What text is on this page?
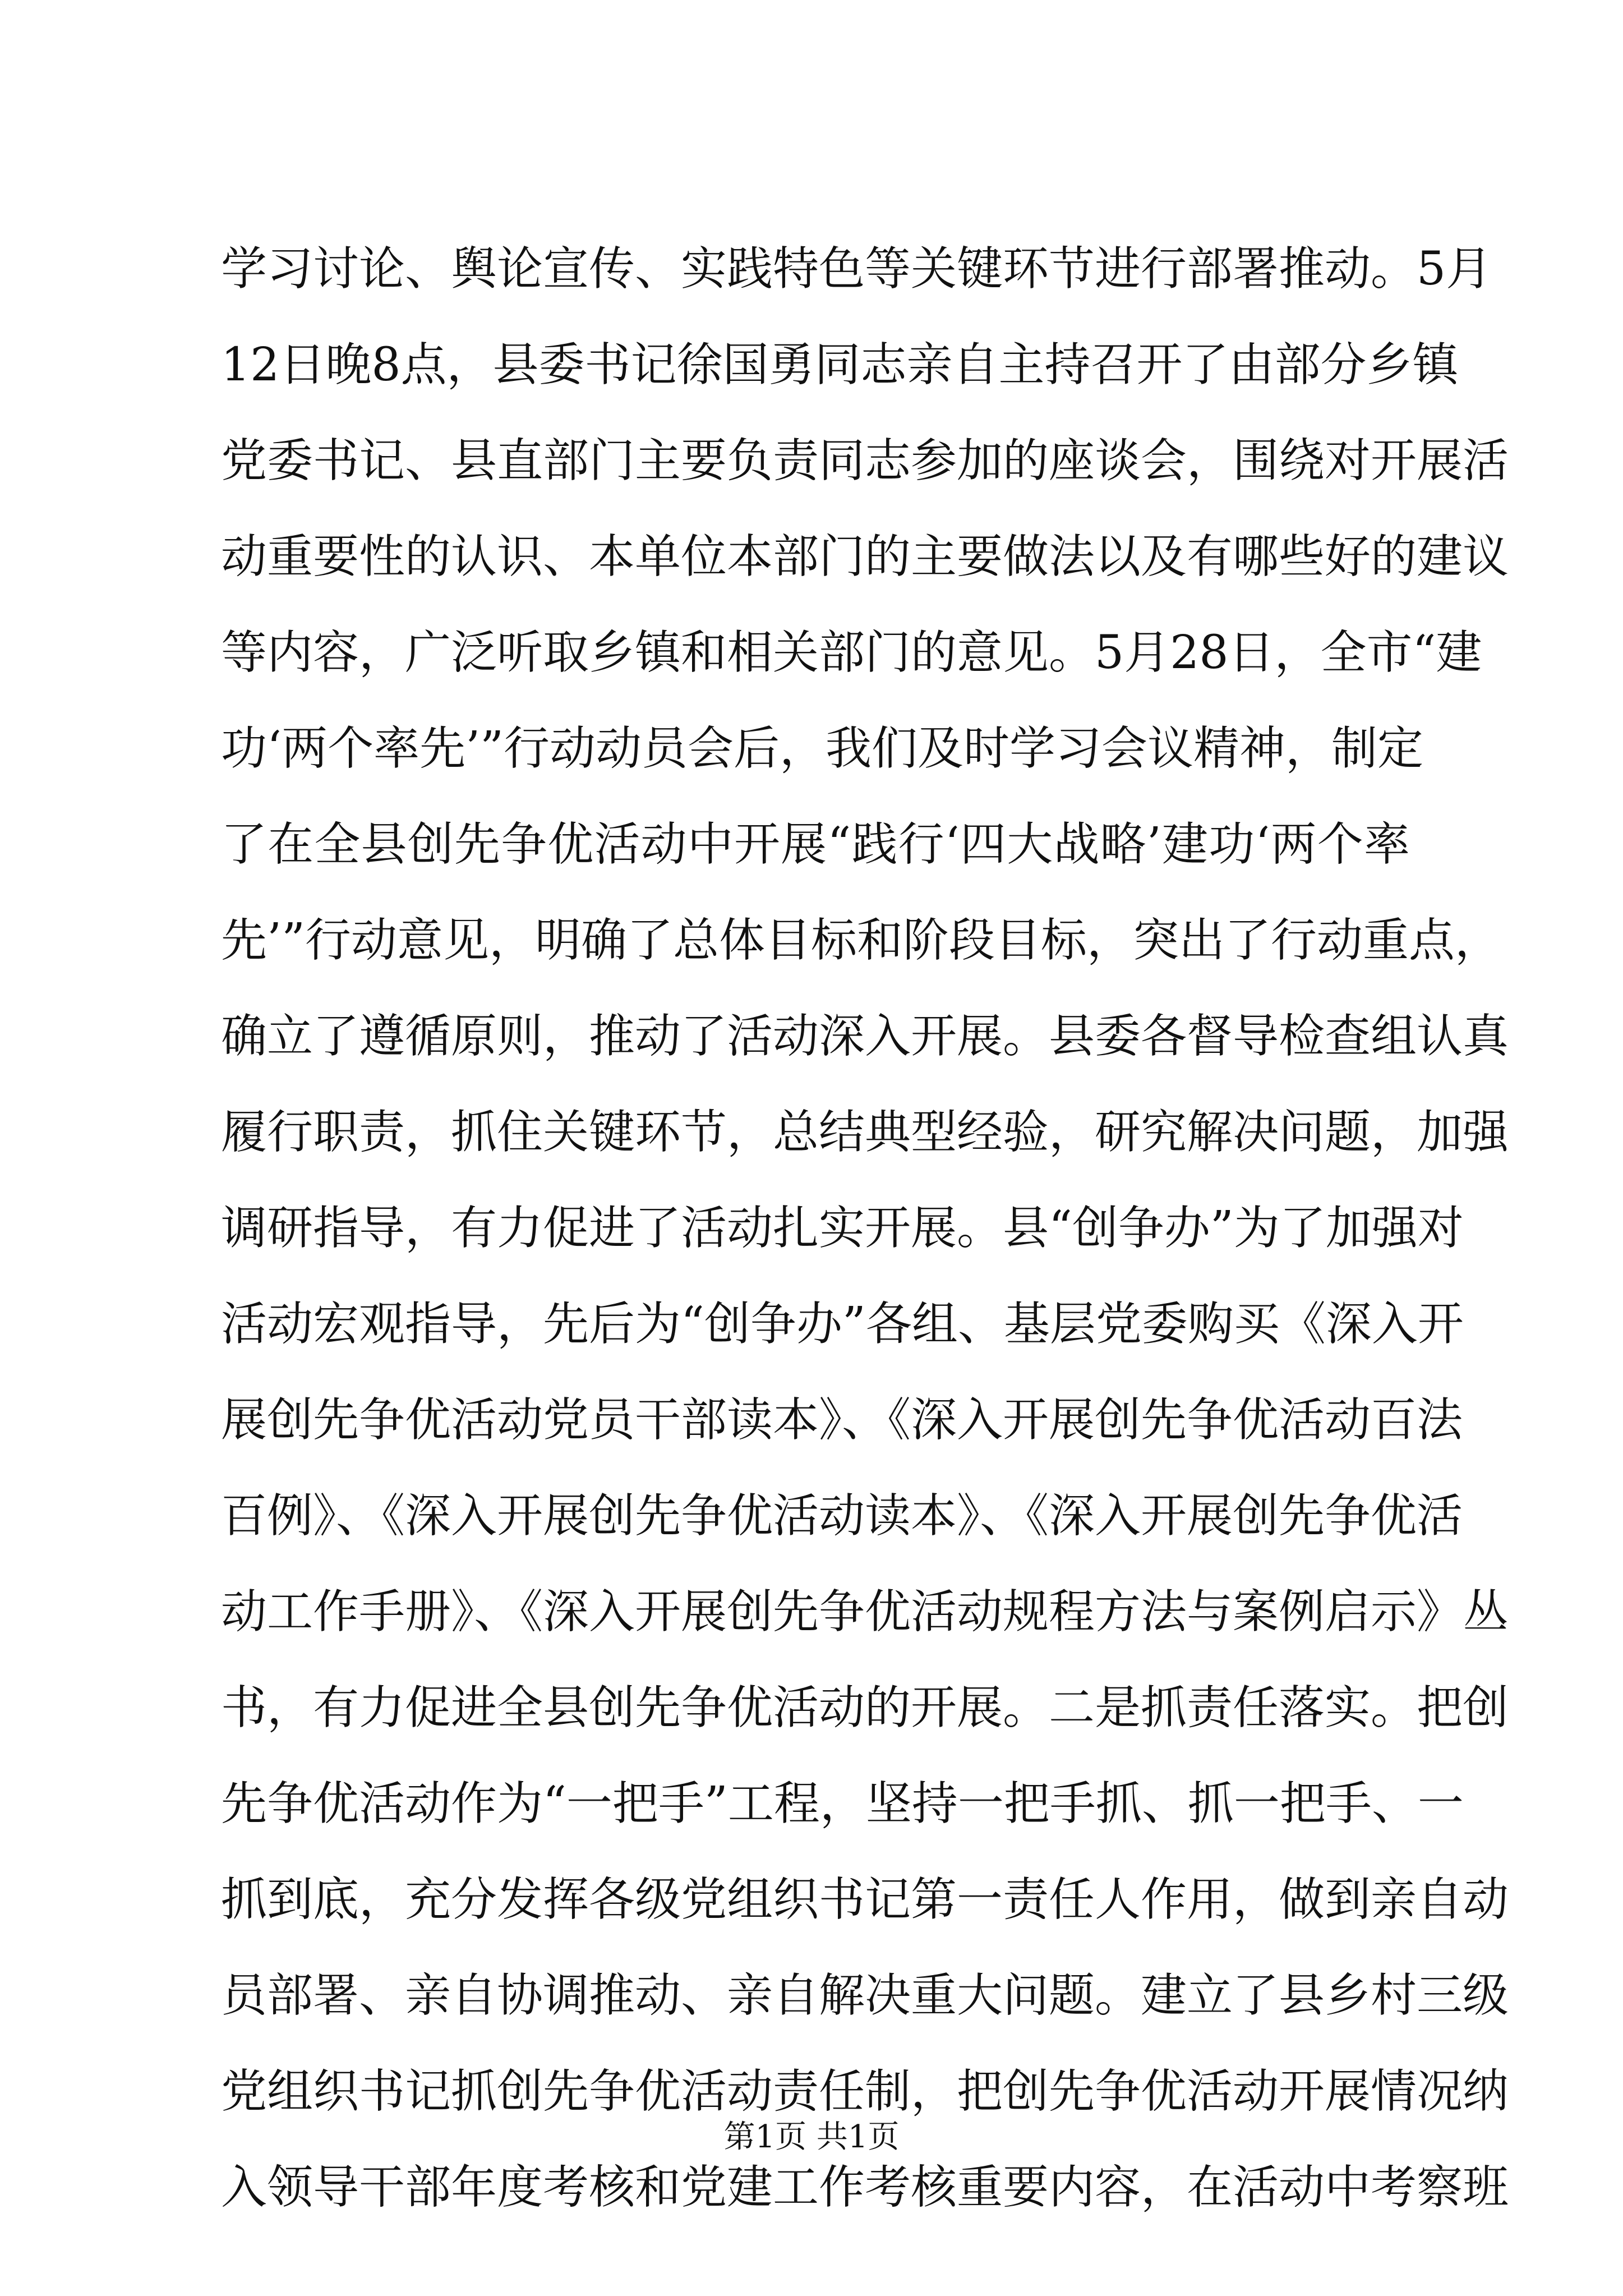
学习讨论、舆论宣传、实践特色等关键环节进行部署推动。5月
12日晚8点，县委书记徐国勇同志亲自主持召开了由部分乡镇
党委书记、县直部门主要负责同志参加的座谈会，围绕对开展活
动重要性的认识、本单位本部门的主要做法以及有哪些好的建议
等内容，广泛听取乡镇和相关部门的意见。5月28日，全市“建
功‘两个率先’”行动动员会后，我们及时学习会议精神，制定
了在全县创先争优活动中开展“践行‘四大战略’建功‘两个率
先’”行动意见，明确了总体目标和阶段目标，突出了行动重点，
确立了遵循原则，推动了活动深入开展。县委各督导检查组认真
履行职责，抓住关键环节，总结典型经验，研究解决问题，加强
调研指导，有力促进了活动扎实开展。县“创争办”为了加强对
活动宏观指导，先后为“创争办”各组、基层党委购买《深入开
展创先争优活动党员干部读本》、《深入开展创先争优活动百法
百例》、《深入开展创先争优活动读本》、《深入开展创先争优活
动工作手册》、《深入开展创先争优活动规程方法与案例启示》丛
书，有力促进全县创先争优活动的开展。二是抓责任落实。把创
先争优活动作为“一把手”工程，坚持一把手抓、抓一把手、一
抓到底，充分发挥各级党组织书记第一责任人作用，做到亲自动
员部署、亲自协调推动、亲自解决重大问题。建立了县乡村三级
党组织书记抓创先争优活动责任制，把创先争优活动开展情况纳
入领导干部年度考核和党建工作考核重要内容，在活动中考察班
第1页 共1页
